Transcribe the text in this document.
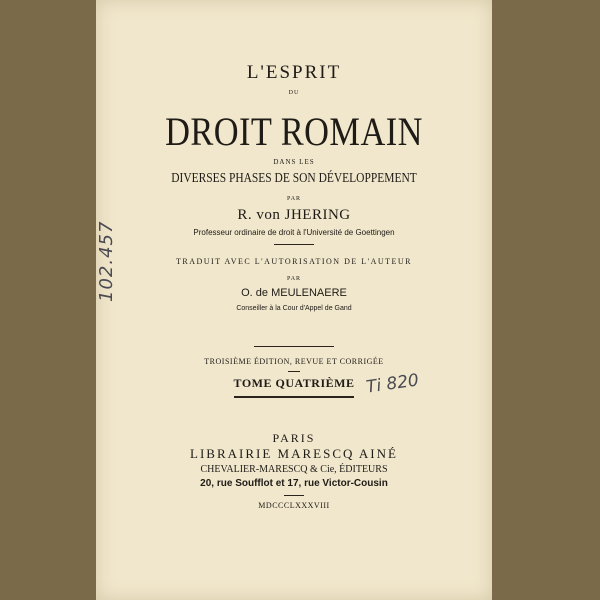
L'ESPRIT
DU
DROIT ROMAIN
DANS LES
DIVERSES PHASES DE SON DÉVELOPPEMENT
PAR
R. von JHERING
Professeur ordinaire de droit à l'Université de Goettingen
TRADUIT AVEC L'AUTORISATION DE L'AUTEUR
PAR
O. de MEULENAERE
Conseiller à la Cour d'Appel de Gand
TROISIÈME ÉDITION, REVUE ET CORRIGÉE
TOME QUATRIÈME
PARIS
LIBRAIRIE MARESCQ AINÉ
CHEVALIER-MARESCQ & Cie, ÉDITEURS
20, rue Soufflot et 17, rue Victor-Cousin
MDCCCLXXXVIII
102.457
Ti 820
